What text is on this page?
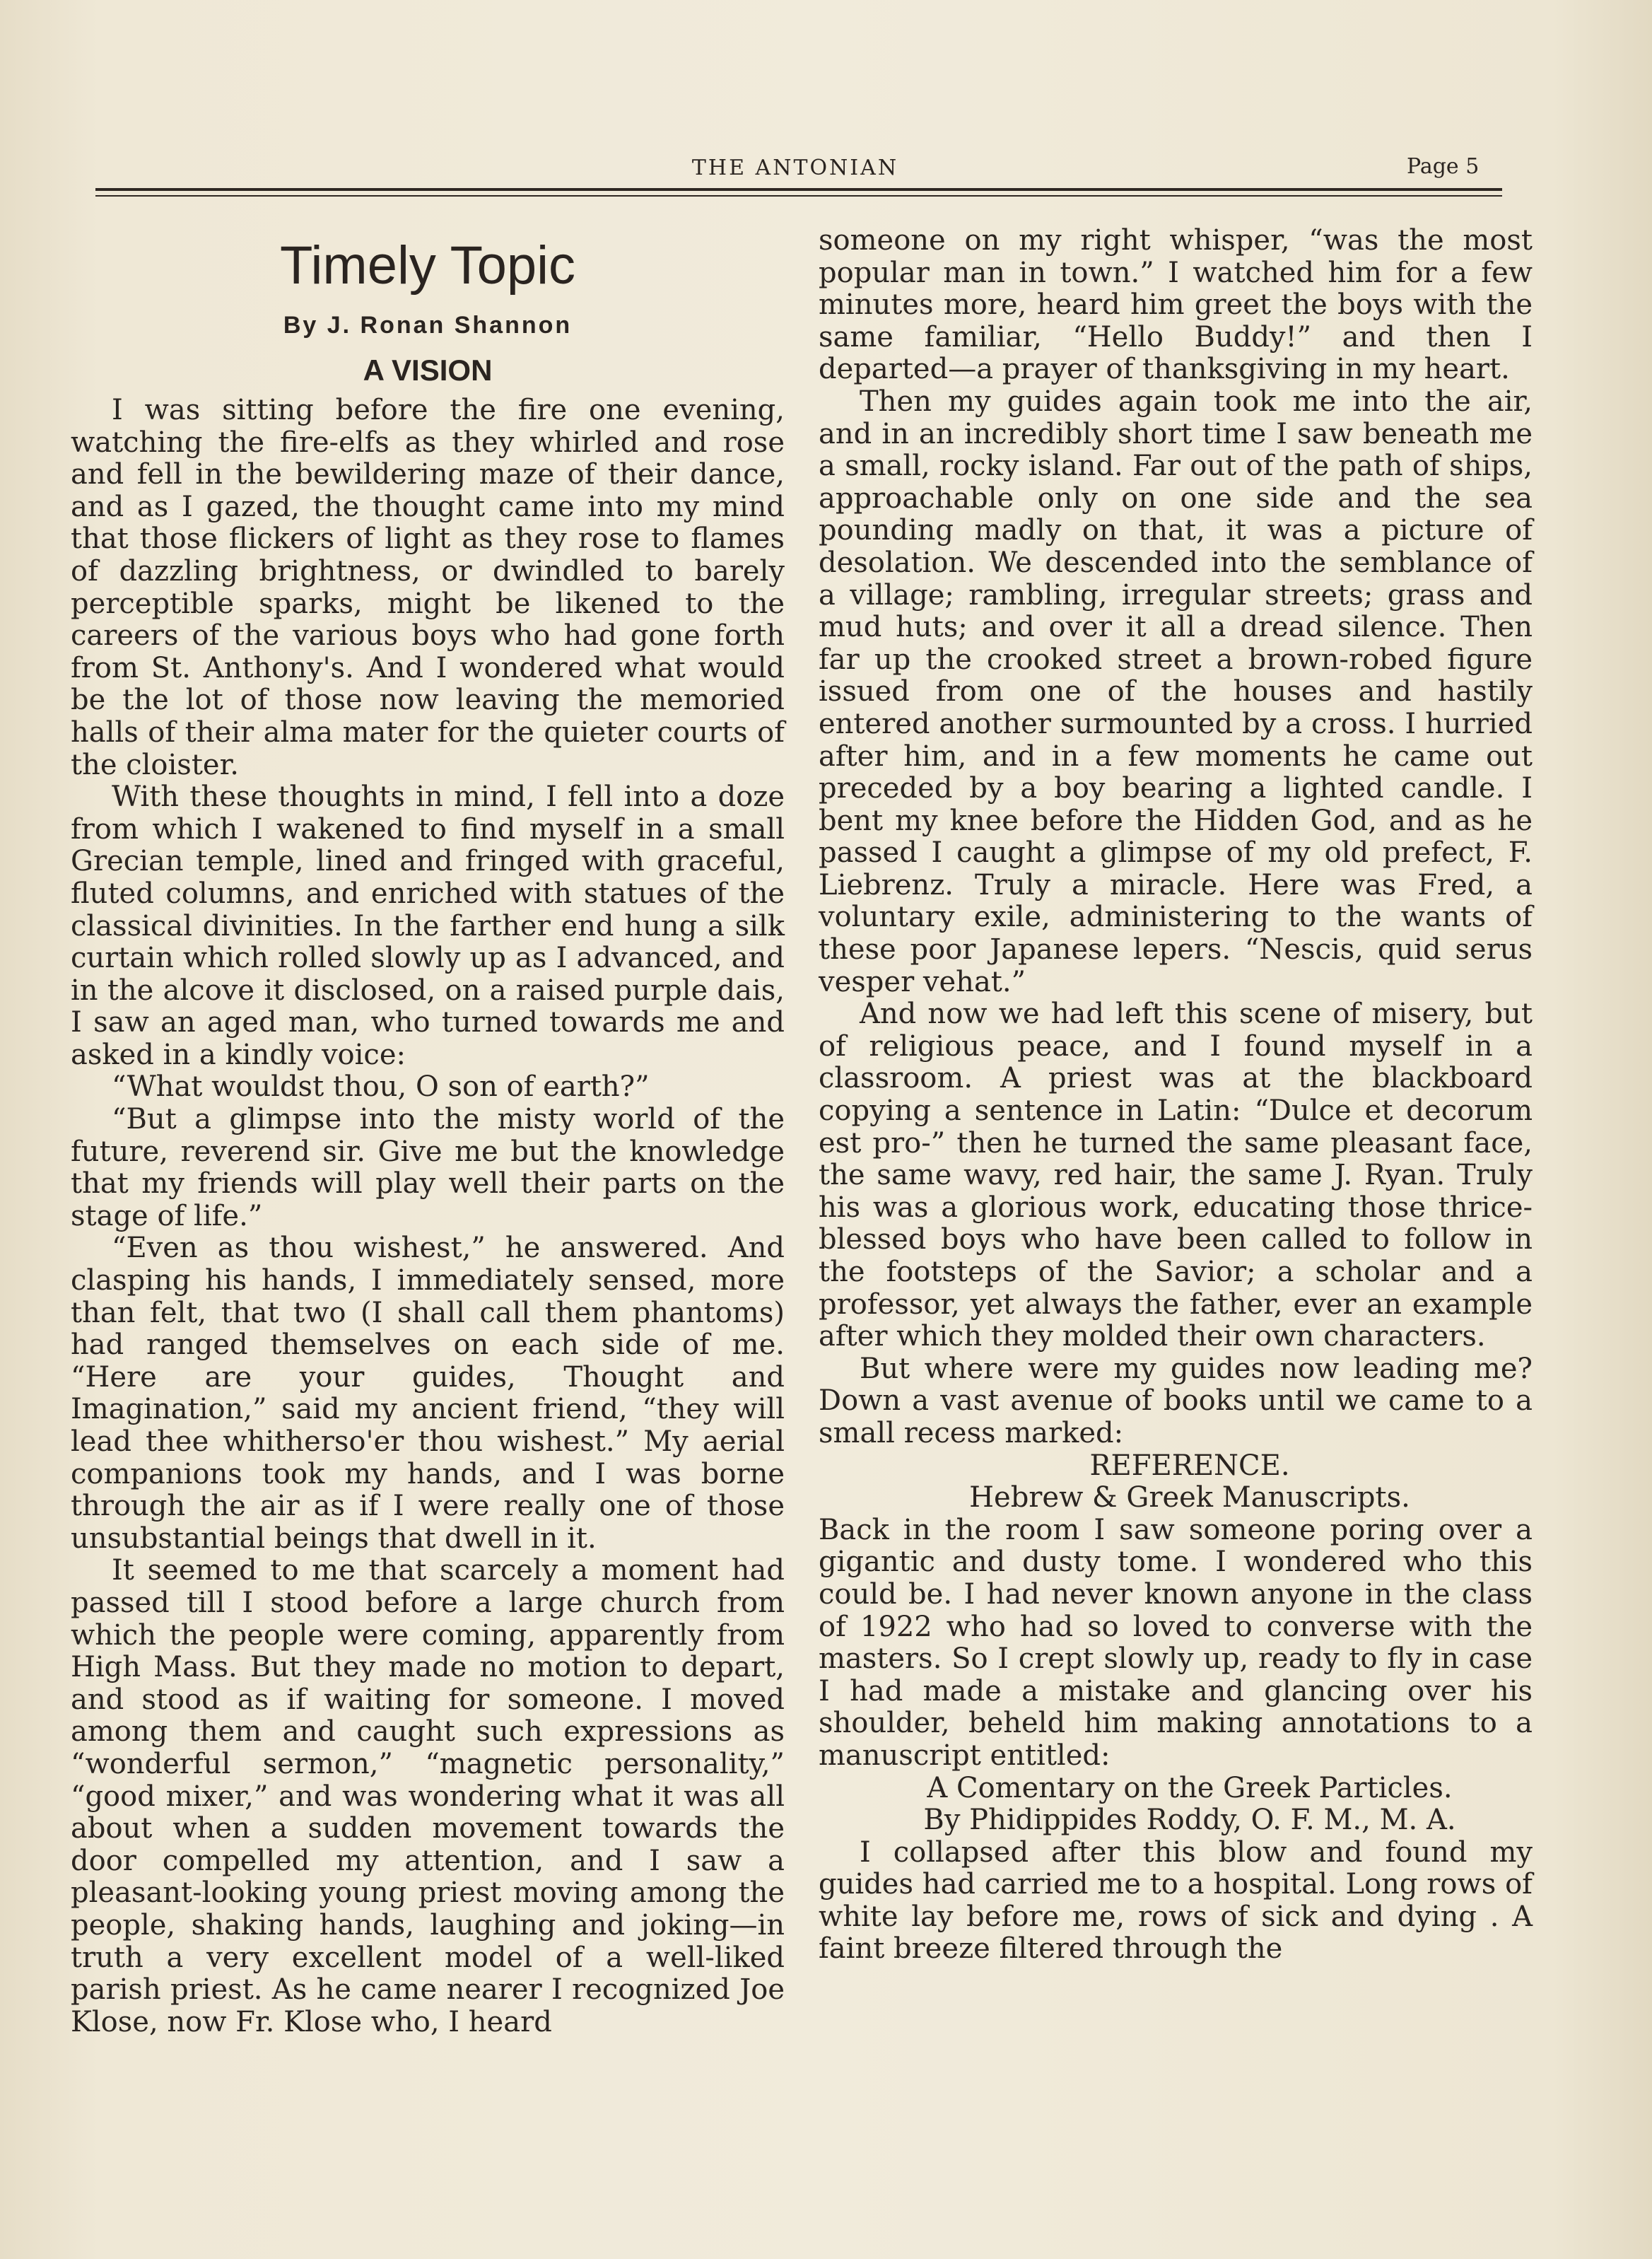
THE ANTONIAN	Page 5
Timely Topic
By J. Ronan Shannon
A VISION

I was sitting before the fire one evening, watching the fire-elfs as they whirled and rose and fell in the bewildering maze of their dance, and as I gazed, the thought came into my mind that those flickers of light as they rose to flames of dazzling brightness, or dwindled to barely perceptible sparks, might be likened to the careers of the various boys who had gone forth from St. Anthony's. And I wondered what would be the lot of those now leaving the memoried halls of their alma mater for the quieter courts of the cloister.

With these thoughts in mind, I fell into a doze from which I wakened to find myself in a small Grecian temple, lined and fringed with graceful, fluted columns, and enriched with statues of the classical divinities. In the farther end hung a silk curtain which rolled slowly up as I advanced, and in the alcove it disclosed, on a raised purple dais, I saw an aged man, who turned towards me and asked in a kindly voice:

“What wouldst thou, O son of earth?”

“But a glimpse into the misty world of the future, reverend sir. Give me but the knowledge that my friends will play well their parts on the stage of life.”

“Even as thou wishest,” he answered. And clasping his hands, I immediately sensed, more than felt, that two (I shall call them phantoms) had ranged themselves on each side of me. “Here are your guides, Thought and Imagination,” said my ancient friend, “they will lead thee whitherso'er thou wishest.” My aerial companions took my hands, and I was borne through the air as if I were really one of those unsubstantial beings that dwell in it.

It seemed to me that scarcely a moment had passed till I stood before a large church from which the people were coming, apparently from High Mass. But they made no motion to depart, and stood as if waiting for someone. I moved among them and caught such expressions as “wonderful sermon,” “magnetic personality,” “good mixer,” and was wondering what it was all about when a sudden movement towards the door compelled my attention, and I saw a pleasant-looking young priest moving among the people, shaking hands, laughing and joking—in truth a very excellent model of a well-liked parish priest. As he came nearer I recognized Joe Klose, now Fr. Klose who, I heard

someone on my right whisper, “was the most popular man in town.” I watched him for a few minutes more, heard him greet the boys with the same familiar, “Hello Buddy!” and then I departed—a prayer of thanksgiving in my heart.

Then my guides again took me into the air, and in an incredibly short time I saw beneath me a small, rocky island. Far out of the path of ships, approachable only on one side and the sea pounding madly on that, it was a picture of desolation. We descended into the semblance of a village; rambling, irregular streets; grass and mud huts; and over it all a dread silence. Then far up the crooked street a brown-robed figure issued from one of the houses and hastily entered another surmounted by a cross. I hurried after him, and in a few moments he came out preceded by a boy bearing a lighted candle. I bent my knee before the Hidden God, and as he passed I caught a glimpse of my old prefect, F. Liebrenz. Truly a miracle. Here was Fred, a voluntary exile, administering to the wants of these poor Japanese lepers. “Nescis, quid serus vesper vehat.”

And now we had left this scene of misery, but of religious peace, and I found myself in a classroom. A priest was at the blackboard copying a sentence in Latin: “Dulce et decorum est pro-” then he turned the same pleasant face, the same wavy, red hair, the same J. Ryan. Truly his was a glorious work, educating those thrice-blessed boys who have been called to follow in the footsteps of the Savior; a scholar and a professor, yet always the father, ever an example after which they molded their own characters.

But where were my guides now leading me? Down a vast avenue of books until we came to a small recess marked:

REFERENCE.

Hebrew & Greek Manuscripts.

Back in the room I saw someone poring over a gigantic and dusty tome. I wondered who this could be. I had never known anyone in the class of 1922 who had so loved to converse with the masters. So I crept slowly up, ready to fly in case I had made a mistake and glancing over his shoulder, beheld him making annotations to a manuscript entitled:

A Comentary on the Greek Particles.

By Phidippides Roddy, O. F. M., M. A.

I collapsed after this blow and found my guides had carried me to a hospital. Long rows of white lay before me, rows of sick and dying . A faint breeze filtered through the
